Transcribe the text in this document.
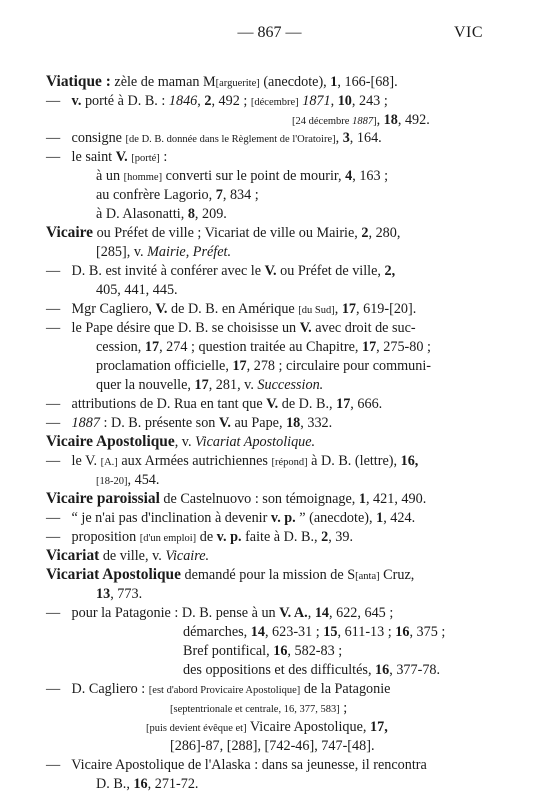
— 867 —	VIC
Viatique : zèle de maman M[arguerite] (anecdote), 1, 166-[68].
— v. porté à D. B. : 1846, 2, 492 ; [décembre] 1871, 10, 243 ;
[24 décembre 1887], 18, 492.
— consigne [de D. B. donnée dans le Règlement de l'Oratoire], 3, 164.
— le saint V. [porté] :
à un [homme] converti sur le point de mourir, 4, 163 ;
au confrère Lagorio, 7, 834 ;
à D. Alasonatti, 8, 209.
Vicaire ou Préfet de ville ; Vicariat de ville ou Mairie, 2, 280,
[285], v. Mairie, Préfet.
— D. B. est invité à conférer avec le V. ou Préfet de ville, 2,
405, 441, 445.
— Mgr Cagliero, V. de D. B. en Amérique [du Sud], 17, 619-[20].
— le Pape désire que D. B. se choisisse un V. avec droit de suc-
cession, 17, 274 ; question traitée au Chapitre, 17, 275-80 ;
proclamation officielle, 17, 278 ; circulaire pour communi-
quer la nouvelle, 17, 281, v. Succession.
— attributions de D. Rua en tant que V. de D. B., 17, 666.
— 1887 : D. B. présente son V. au Pape, 18, 332.
Vicaire Apostolique, v. Vicariat Apostolique.
— le V. [A.] aux Armées autrichiennes [répond] à D. B. (lettre), 16,
[18-20], 454.
Vicaire paroissial de Castelnuovo : son témoignage, 1, 421, 490.
— “ je n'ai pas d'inclination à devenir v. p. ” (anecdote), 1, 424.
— proposition [d'un emploi] de v. p. faite à D. B., 2, 39.
Vicariat de ville, v. Vicaire.
Vicariat Apostolique demandé pour la mission de S[anta] Cruz,
13, 773.
— pour la Patagonie : D. B. pense à un V. A., 14, 622, 645 ;
démarches, 14, 623-31 ; 15, 611-13 ; 16, 375 ;
Bref pontifical, 16, 582-83 ;
des oppositions et des difficultés, 16, 377-78.
— D. Cagliero : [est d'abord Provicaire Apostolique] de la Patagonie
[septentrionale et centrale, 16, 377, 583] ;
[puis devient évêque et] Vicaire Apostolique, 17,
[286]-87, [288], [742-46], 747-[48].
— Vicaire Apostolique de l'Alaska : dans sa jeunesse, il rencontra
D. B., 16, 271-72.
